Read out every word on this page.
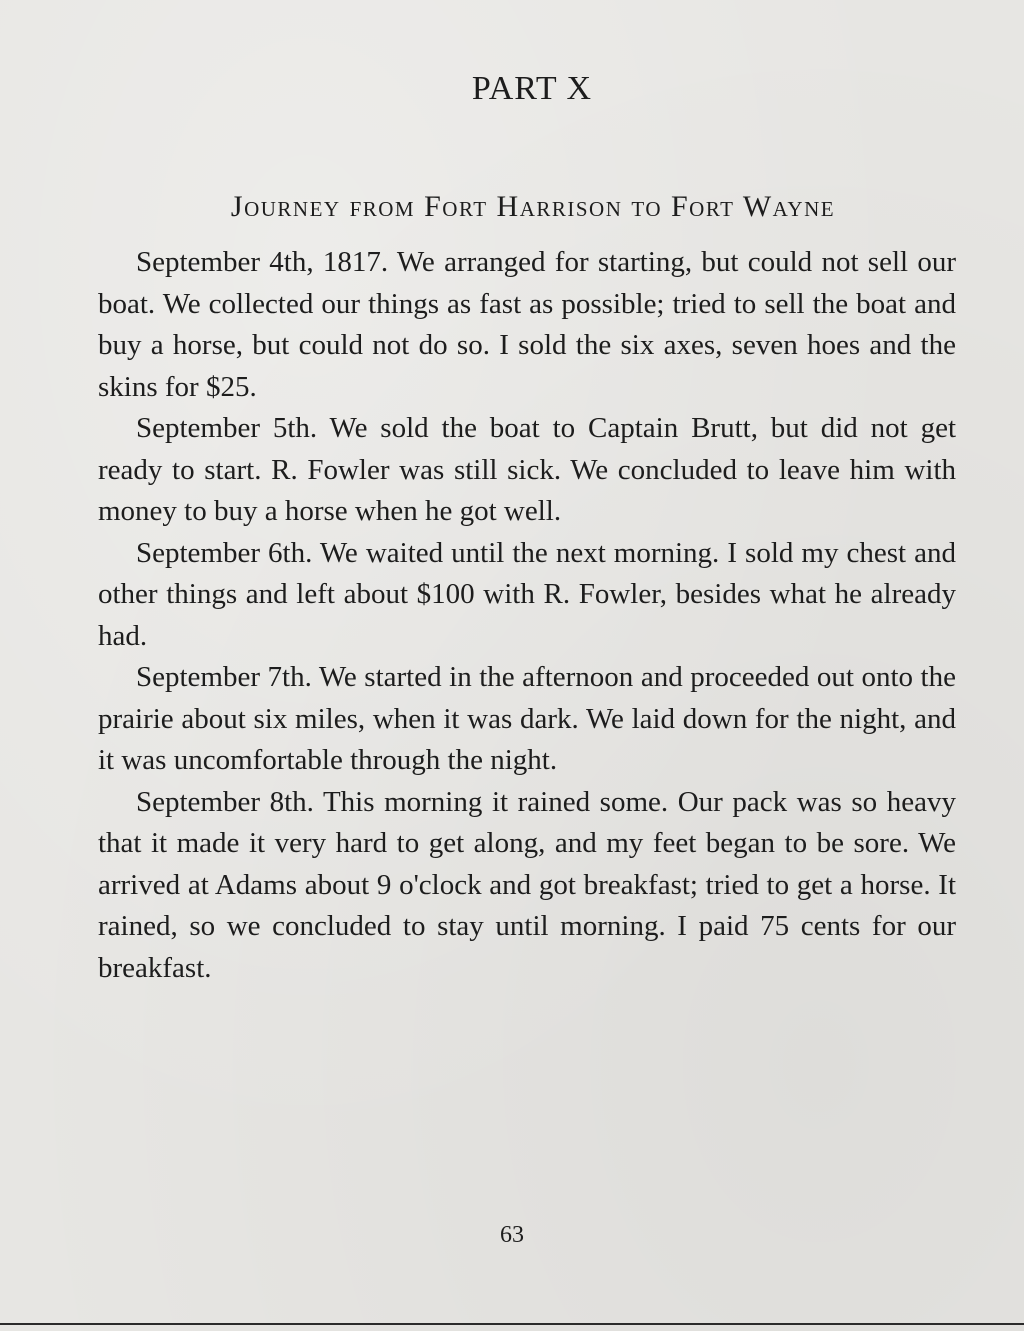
PART X
Journey from Fort Harrison to Fort Wayne

September 4th, 1817. We arranged for starting, but could not sell our boat. We collected our things as fast as possible; tried to sell the boat and buy a horse, but could not do so. I sold the six axes, seven hoes and the skins for $25.

September 5th. We sold the boat to Captain Brutt, but did not get ready to start. R. Fowler was still sick. We concluded to leave him with money to buy a horse when he got well.

September 6th. We waited until the next morning. I sold my chest and other things and left about $100 with R. Fowler, besides what he already had.

September 7th. We started in the afternoon and proceeded out onto the prairie about six miles, when it was dark. We laid down for the night, and it was uncomfortable through the night.

September 8th. This morning it rained some. Our pack was so heavy that it made it very hard to get along, and my feet began to be sore. We arrived at Adams about 9 o'clock and got breakfast; tried to get a horse. It rained, so we concluded to stay until morning. I paid 75 cents for our breakfast.

63
